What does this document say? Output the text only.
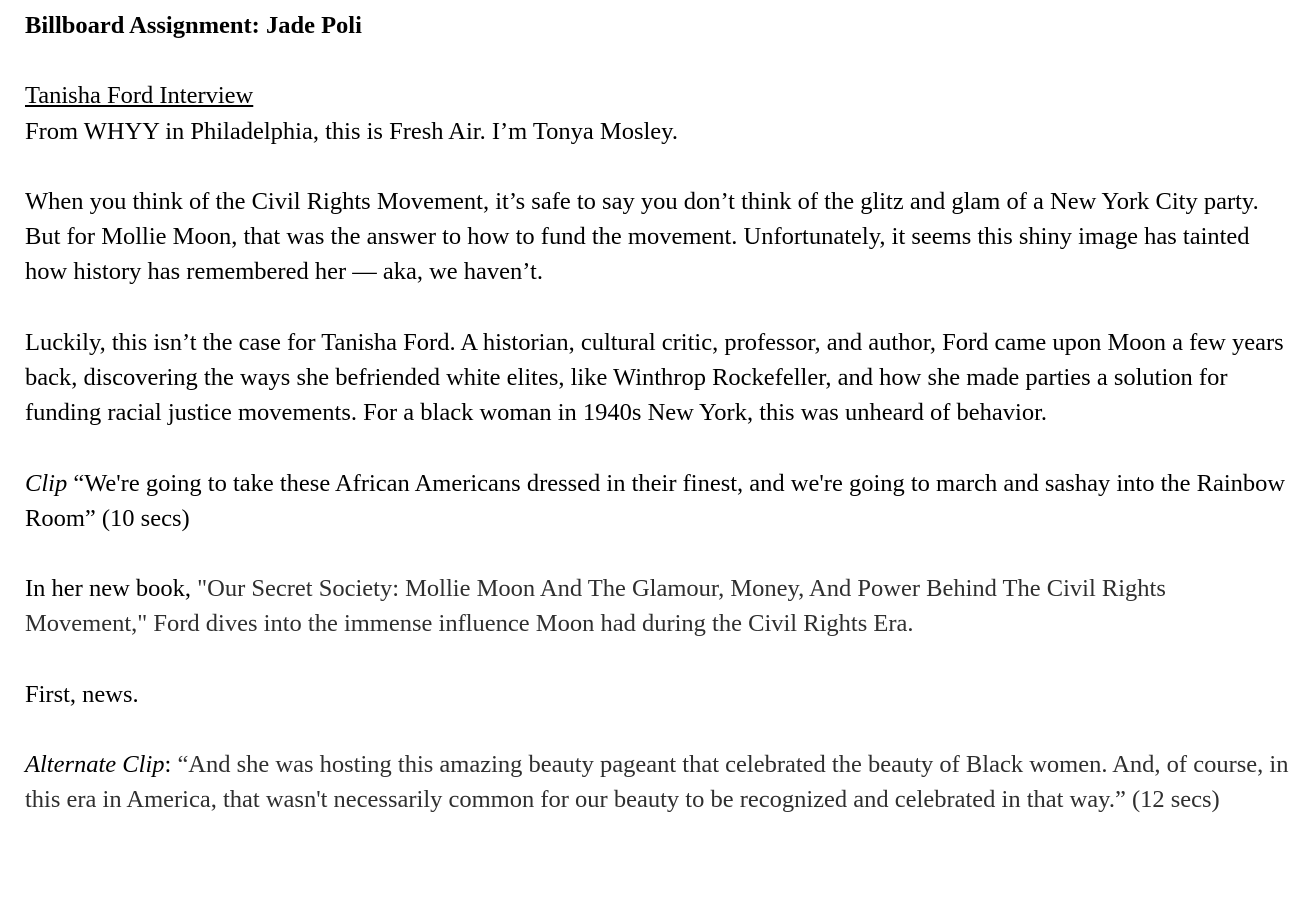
Billboard Assignment: Jade Poli

Tanisha Ford Interview

From WHYY in Philadelphia, this is Fresh Air. I’m Tonya Mosley.

When you think of the Civil Rights Movement, it’s safe to say you don’t think of the glitz and glam of a New York City party. But for Mollie Moon, that was the answer to how to fund the movement. Unfortunately, it seems this shiny image has tainted how history has remembered her — aka, we haven’t.

Luckily, this isn’t the case for Tanisha Ford. A historian, cultural critic, professor, and author, Ford came upon Moon a few years back, discovering the ways she befriended white elites, like Winthrop Rockefeller, and how she made parties a solution for funding racial justice movements. For a black woman in 1940s New York, this was unheard of behavior.

Clip “We're going to take these African Americans dressed in their finest, and we're going to march and sashay into the Rainbow Room” (10 secs)

In her new book, "Our Secret Society: Mollie Moon And The Glamour, Money, And Power Behind The Civil Rights Movement," Ford dives into the immense influence Moon had during the Civil Rights Era.

First, news.

Alternate Clip: “And she was hosting this amazing beauty pageant that celebrated the beauty of Black women. And, of course, in this era in America, that wasn't necessarily common for our beauty to be recognized and celebrated in that way.” (12 secs)
